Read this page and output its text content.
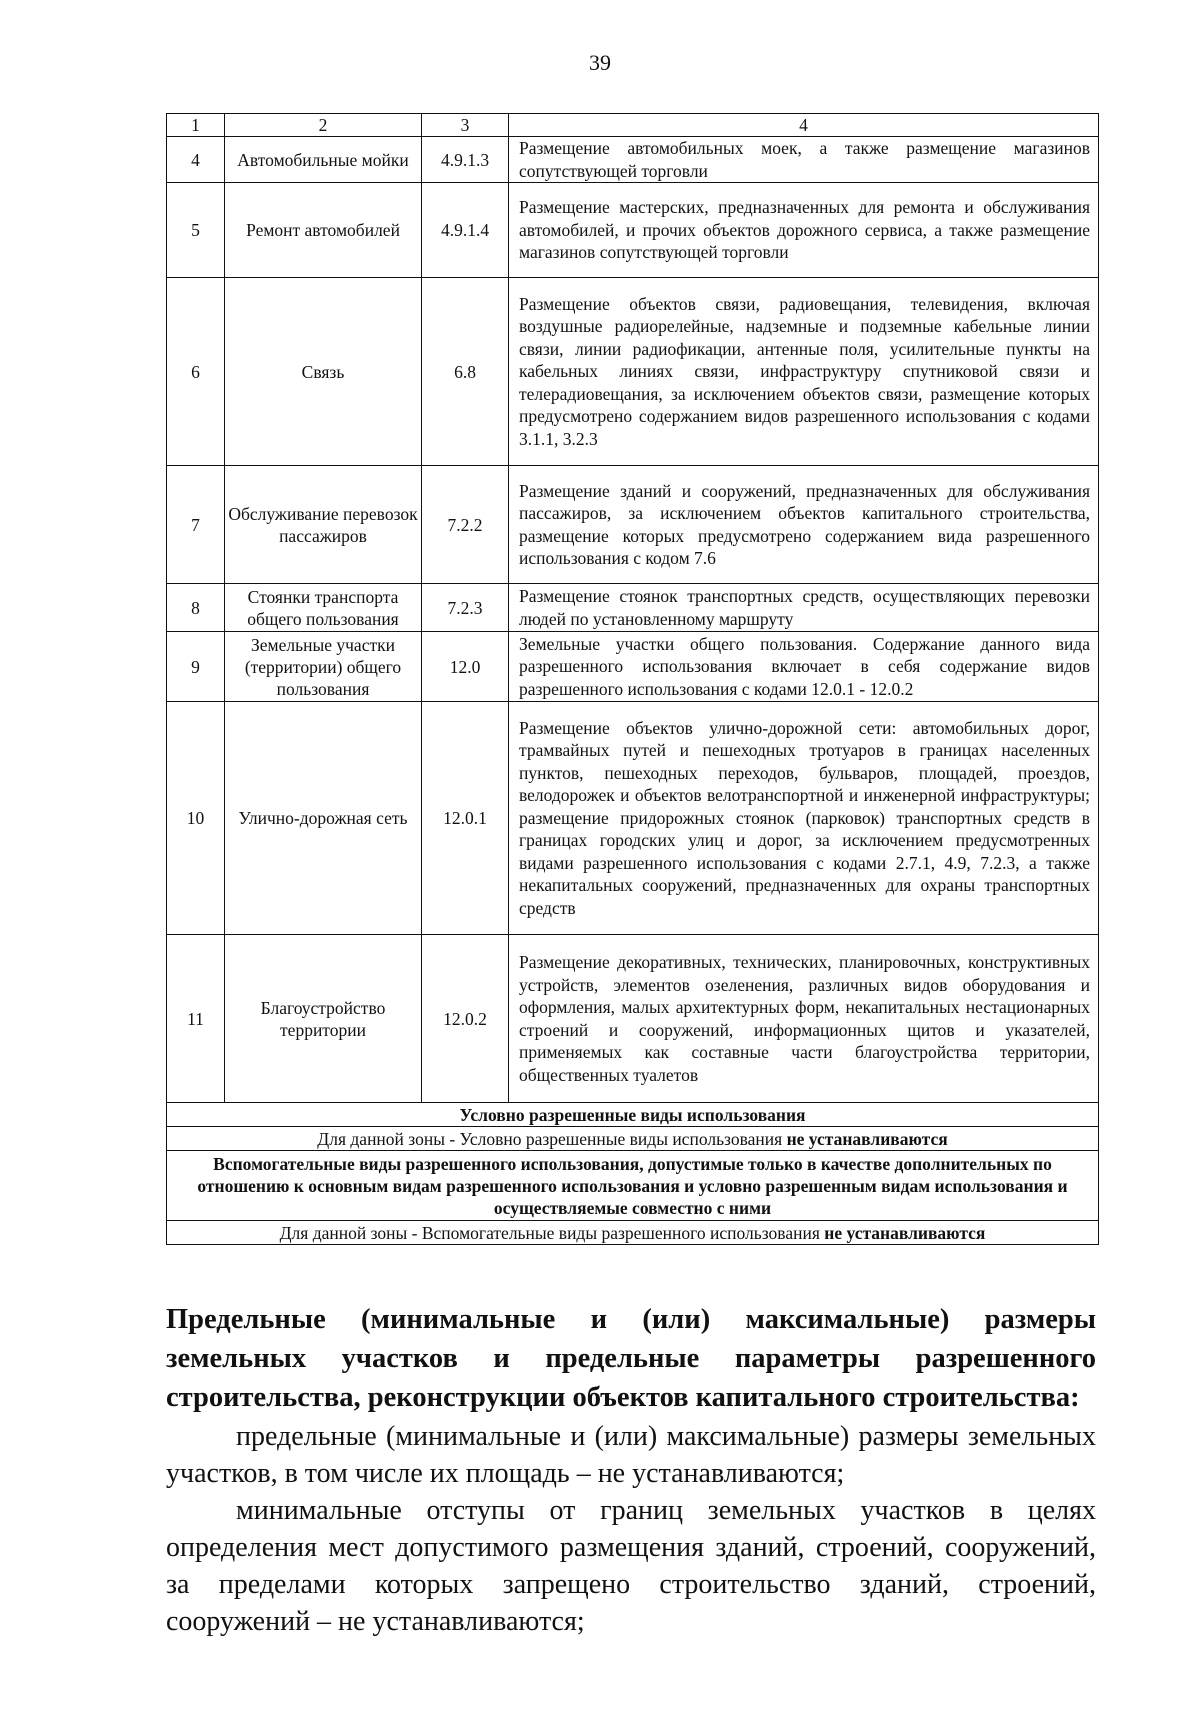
39
1	2	3	4
4	Автомобильные мойки	4.9.1.3	Размещение автомобильных моек, а также размещение магазинов сопутствующей торговли
5	Ремонт автомобилей	4.9.1.4	Размещение мастерских, предназначенных для ремонта и обслуживания автомобилей, и прочих объектов дорожного сервиса, а также размещение магазинов сопутствующей торговли
6	Связь	6.8	Размещение объектов связи, радиовещания, телевидения, включая воздушные радиорелейные, надземные и подземные кабельные линии связи, линии радиофикации, антенные поля, усилительные пункты на кабельных линиях связи, инфраструктуру спутниковой связи и телерадиовещания, за исключением объектов связи, размещение которых предусмотрено содержанием видов разрешенного использования с кодами 3.1.1, 3.2.3
7	Обслуживание перевозок пассажиров	7.2.2	Размещение зданий и сооружений, предназначенных для обслуживания пассажиров, за исключением объектов капитального строительства, размещение которых предусмотрено содержанием вида разрешенного использования с кодом 7.6
8	Стоянки транспорта общего пользования	7.2.3	Размещение стоянок транспортных средств, осуществляющих перевозки людей по установленному маршруту
9	Земельные участки (территории) общего пользования	12.0	Земельные участки общего пользования. Содержание данного вида разрешенного использования включает в себя содержание видов разрешенного использования с кодами 12.0.1 - 12.0.2
10	Улично-дорожная сеть	12.0.1	Размещение объектов улично-дорожной сети: автомобильных дорог, трамвайных путей и пешеходных тротуаров в границах населенных пунктов, пешеходных переходов, бульваров, площадей, проездов, велодорожек и объектов велотранспортной и инженерной инфраструктуры; размещение придорожных стоянок (парковок) транспортных средств в границах городских улиц и дорог, за исключением предусмотренных видами разрешенного использования с кодами 2.7.1, 4.9, 7.2.3, а также некапитальных сооружений, предназначенных для охраны транспортных средств
11	Благоустройство территории	12.0.2	Размещение декоративных, технических, планировочных, конструктивных устройств, элементов озеленения, различных видов оборудования и оформления, малых архитектурных форм, некапитальных нестационарных строений и сооружений, информационных щитов и указателей, применяемых как составные части благоустройства территории, общественных туалетов
Условно разрешенные виды использования			
Для данной зоны - Условно разрешенные виды использования не устанавливаются			
Вспомогательные виды разрешенного использования, допустимые только в качестве дополнительных по отношению к основным видам разрешенного использования и условно разрешенным видам использования и осуществляемые совместно с ними			
Для данной зоны - Вспомогательные виды разрешенного использования не устанавливаются			
Предельные (минимальные и (или) максимальные) размеры земельных участков и предельные параметры разрешенного строительства, реконструкции объектов капитального строительства:
предельные (минимальные и (или) максимальные) размеры земельных участков, в том числе их площадь – не устанавливаются;
минимальные отступы от границ земельных участков в целях определения мест допустимого размещения зданий, строений, сооружений, за пределами которых запрещено строительство зданий, строений, сооружений – не устанавливаются;
